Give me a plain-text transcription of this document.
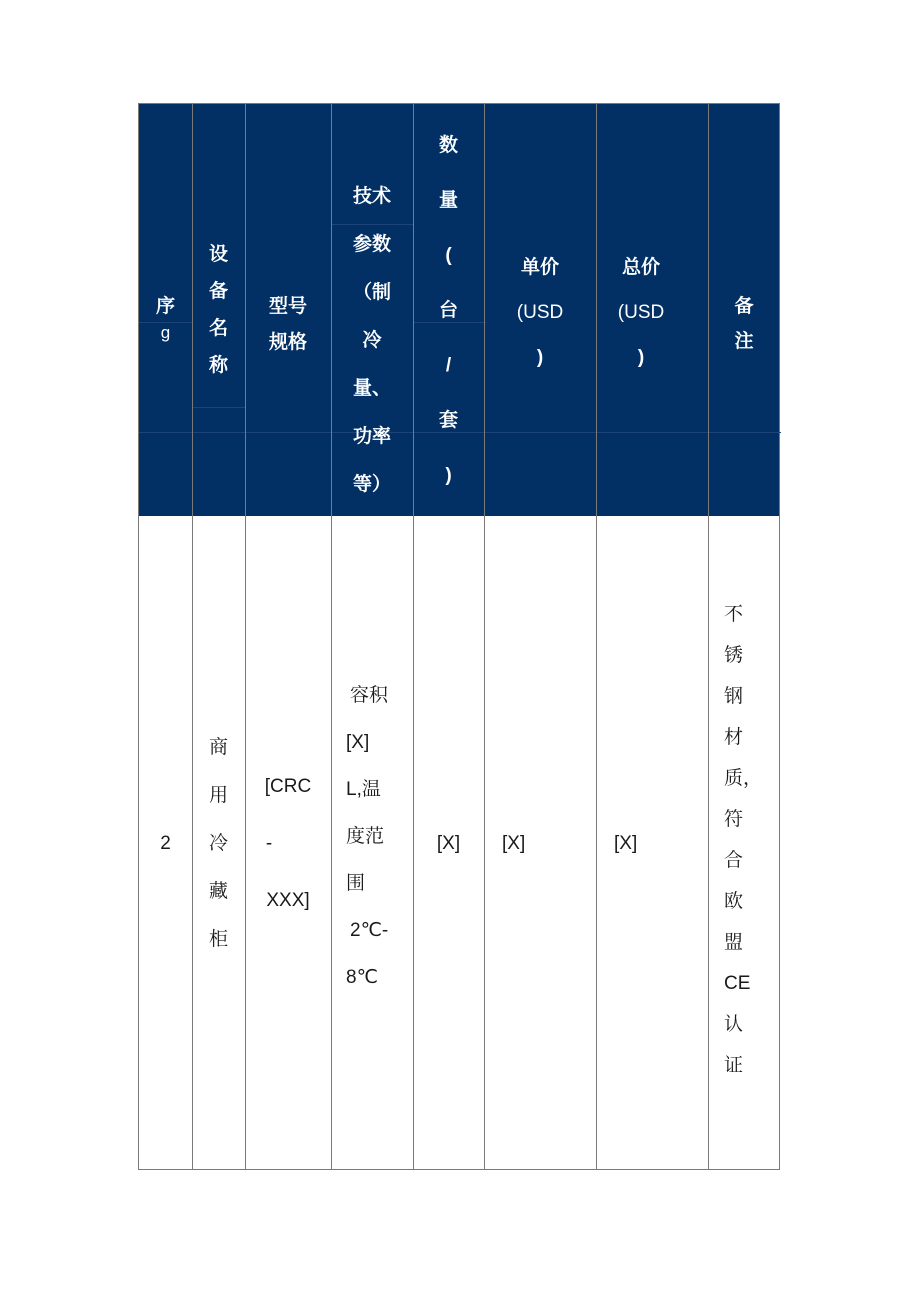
序
g
设
备
名
称
型号
规格
技术
参数
（制
冷
量、
功率
等）
数
量
(
台
/
套
)
单价
(USD
)
总价
(USD
)
备
注
2
商
用
冷
藏
柜
[CRC
-
XXX]
容积
[X]
L,温
度范
围
2℃-
8℃
[X] [X]	[X]
不
锈
钢
材
质，
符
合
欧
盟
CE
认
证
